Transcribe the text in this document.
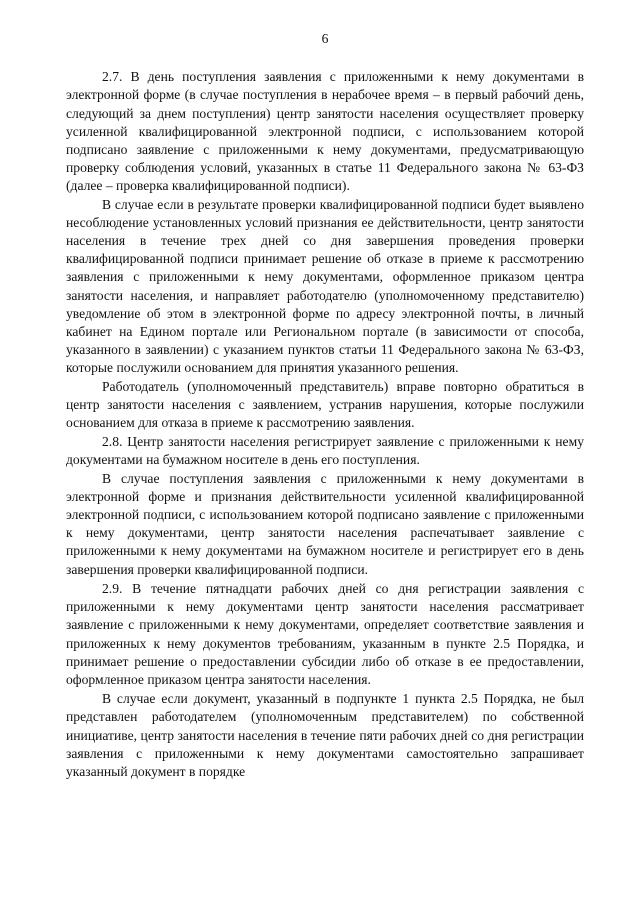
6

2.7. В день поступления заявления с приложенными к нему документами в электронной форме (в случае поступления в нерабочее время – в первый рабочий день, следующий за днем поступления) центр занятости населения осуществляет проверку усиленной квалифицированной электронной подписи, с использованием которой подписано заявление с приложенными к нему документами, предусматривающую проверку соблюдения условий, указанных в статье 11 Федерального закона № 63-ФЗ (далее – проверка квалифицированной подписи).

В случае если в результате проверки квалифицированной подписи будет выявлено несоблюдение установленных условий признания ее действительности, центр занятости населения в течение трех дней со дня завершения проведения проверки квалифицированной подписи принимает решение об отказе в приеме к рассмотрению заявления с приложенными к нему документами, оформленное приказом центра занятости населения, и направляет работодателю (уполномоченному представителю) уведомление об этом в электронной форме по адресу электронной почты, в личный кабинет на Едином портале или Региональном портале (в зависимости от способа, указанного в заявлении) с указанием пунктов статьи 11 Федерального закона № 63-ФЗ, которые послужили основанием для принятия указанного решения.

Работодатель (уполномоченный представитель) вправе повторно обратиться в центр занятости населения с заявлением, устранив нарушения, которые послужили основанием для отказа в приеме к рассмотрению заявления.

2.8. Центр занятости населения регистрирует заявление с приложенными к нему документами на бумажном носителе в день его поступления.

В случае поступления заявления с приложенными к нему документами в электронной форме и признания действительности усиленной квалифицированной электронной подписи, с использованием которой подписано заявление с приложенными к нему документами, центр занятости населения распечатывает заявление с приложенными к нему документами на бумажном носителе и регистрирует его в день завершения проверки квалифицированной подписи.

2.9. В течение пятнадцати рабочих дней со дня регистрации заявления с приложенными к нему документами центр занятости населения рассматривает заявление с приложенными к нему документами, определяет соответствие заявления и приложенных к нему документов требованиям, указанным в пункте 2.5 Порядка, и принимает решение о предоставлении субсидии либо об отказе в ее предоставлении, оформленное приказом центра занятости населения.

В случае если документ, указанный в подпункте 1 пункта 2.5 Порядка, не был представлен работодателем (уполномоченным представителем) по собственной инициативе, центр занятости населения в течение пяти рабочих дней со дня регистрации заявления с приложенными к нему документами самостоятельно запрашивает указанный документ в порядке
